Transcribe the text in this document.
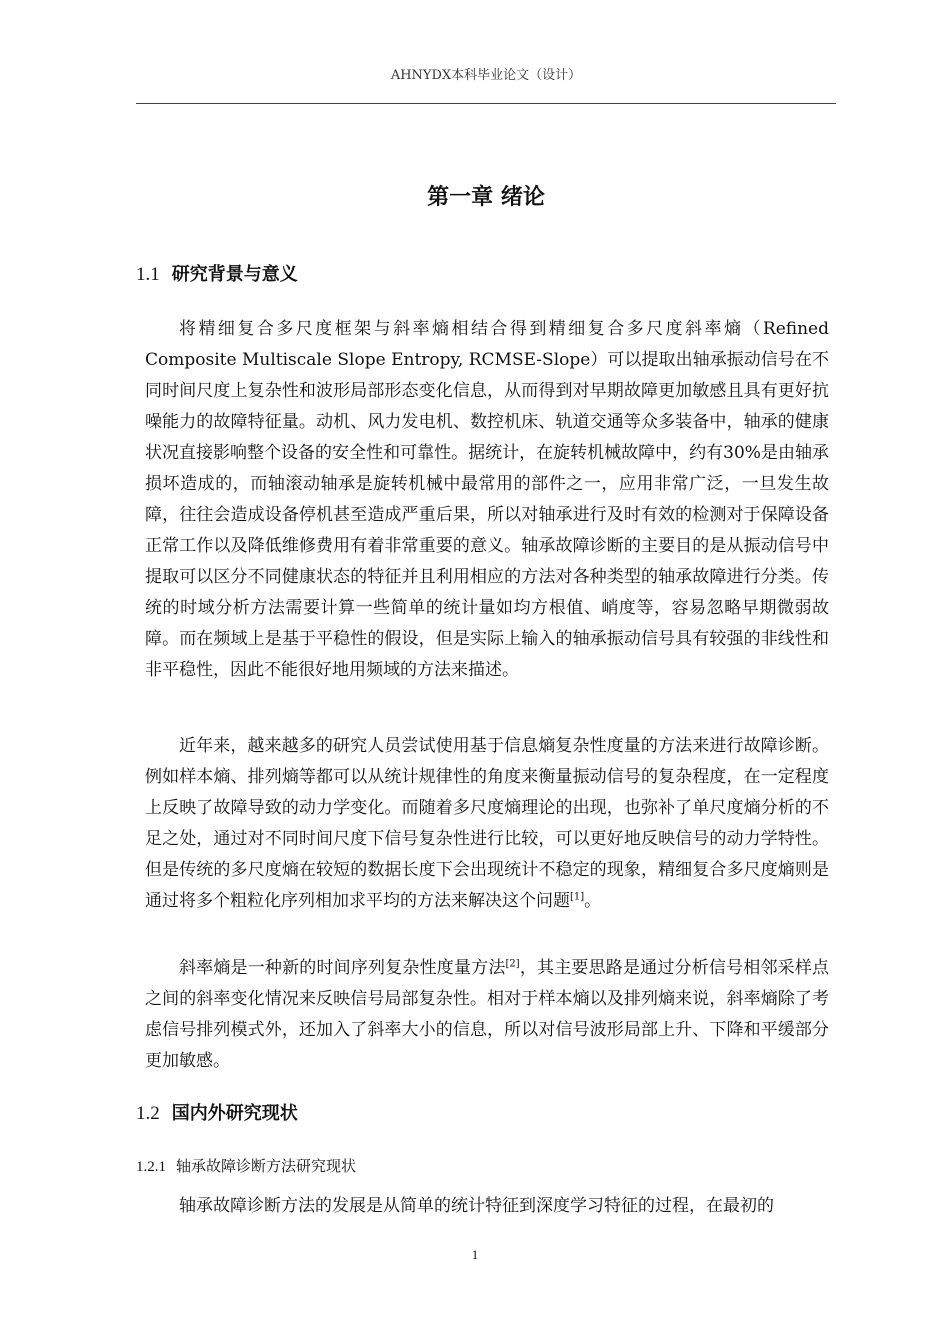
AHNYDX本科毕业论文（设计）
第一章 绪论
1.1 研究背景与意义

将精细复合多尺度框架与斜率熵相结合得到精细复合多尺度斜率熵（Refined Composite Multiscale Slope Entropy, RCMSE-Slope）可以提取出轴承振动信号在不同时间尺度上复杂性和波形局部形态变化信息，从而得到对早期故障更加敏感且具有更好抗噪能力的故障特征量。动机、风力发电机、数控机床、轨道交通等众多装备中，轴承的健康状况直接影响整个设备的安全性和可靠性。据统计，在旋转机械故障中，约有30%是由轴承损坏造成的，而轴滚动轴承是旋转机械中最常用的部件之一，应用非常广泛，一旦发生故障，往往会造成设备停机甚至造成严重后果，所以对轴承进行及时有效的检测对于保障设备正常工作以及降低维修费用有着非常重要的意义。轴承故障诊断的主要目的是从振动信号中提取可以区分不同健康状态的特征并且利用相应的方法对各种类型的轴承故障进行分类。传统的时域分析方法需要计算一些简单的统计量如均方根值、峭度等，容易忽略早期微弱故障。而在频域上是基于平稳性的假设，但是实际上输入的轴承振动信号具有较强的非线性和非平稳性，因此不能很好地用频域的方法来描述。

近年来，越来越多的研究人员尝试使用基于信息熵复杂性度量的方法来进行故障诊断。例如样本熵、排列熵等都可以从统计规律性的角度来衡量振动信号的复杂程度，在一定程度上反映了故障导致的动力学变化。而随着多尺度熵理论的出现，也弥补了单尺度熵分析的不足之处，通过对不同时间尺度下信号复杂性进行比较，可以更好地反映信号的动力学特性。但是传统的多尺度熵在较短的数据长度下会出现统计不稳定的现象，精细复合多尺度熵则是通过将多个粗粒化序列相加求平均的方法来解决这个问题[1]。

斜率熵是一种新的时间序列复杂性度量方法[2]，其主要思路是通过分析信号相邻采样点之间的斜率变化情况来反映信号局部复杂性。相对于样本熵以及排列熵来说，斜率熵除了考虑信号排列模式外，还加入了斜率大小的信息，所以对信号波形局部上升、下降和平缓部分更加敏感。

1.2 国内外研究现状
1.2.1 轴承故障诊断方法研究现状

轴承故障诊断方法的发展是从简单的统计特征到深度学习特征的过程，在最初的

1
